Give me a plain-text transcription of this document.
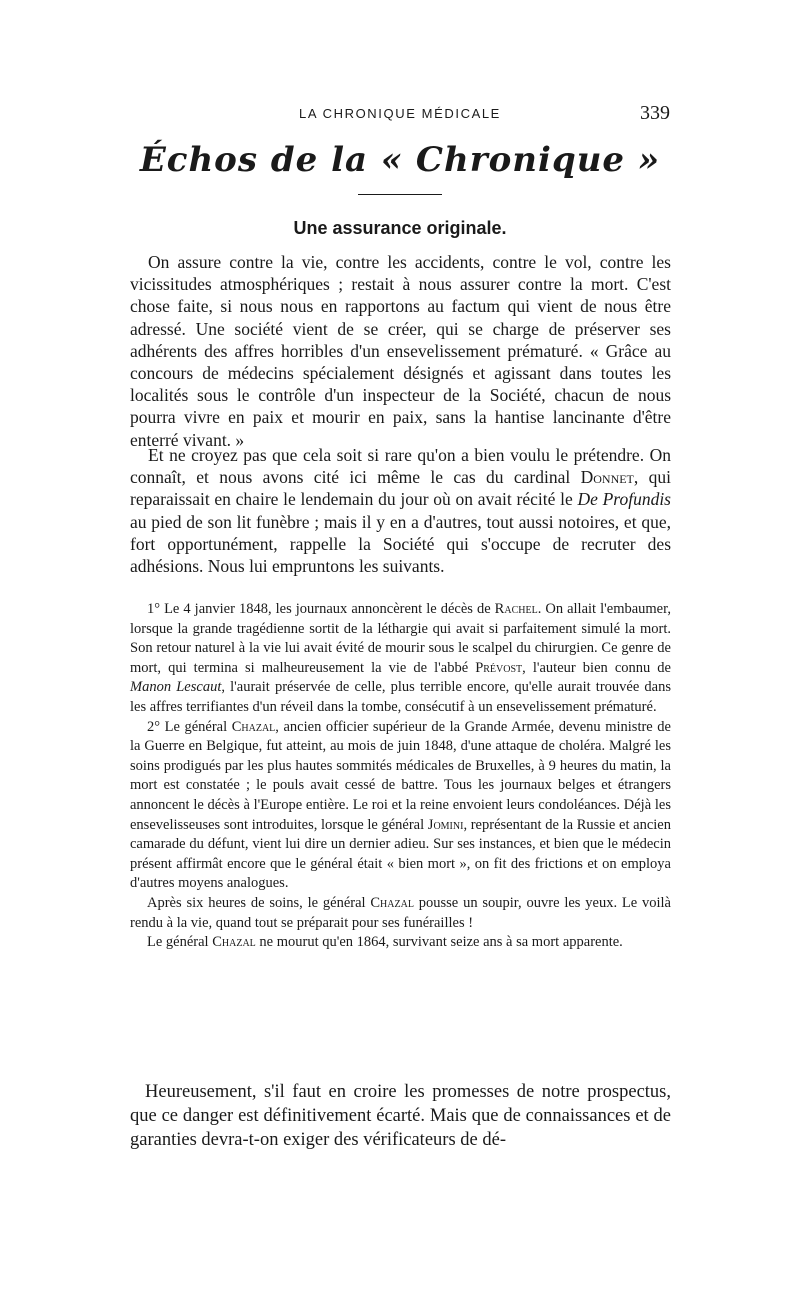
LA CHRONIQUE MÉDICALE	339
Échos de la « Chronique »
Une assurance originale.

On assure contre la vie, contre les accidents, contre le vol, contre les vicissitudes atmosphériques ; restait à nous assurer contre la mort. C'est chose faite, si nous nous en rapportons au factum qui vient de nous être adressé. Une société vient de se créer, qui se charge de préserver ses adhérents des affres horribles d'un ensevelissement prématuré. « Grâce au concours de médecins spécialement désignés et agissant dans toutes les localités sous le contrôle d'un inspecteur de la Société, chacun de nous pourra vivre en paix et mourir en paix, sans la hantise lancinante d'être enterré vivant. »

Et ne croyez pas que cela soit si rare qu'on a bien voulu le prétendre. On connaît, et nous avons cité ici même le cas du cardinal Donnet, qui reparaissait en chaire le lendemain du jour où on avait récité le De Profundis au pied de son lit funèbre ; mais il y en a d'autres, tout aussi notoires, et que, fort opportunément, rappelle la Société qui s'occupe de recruter des adhésions. Nous lui empruntons les suivants.

1° Le 4 janvier 1848, les journaux annoncèrent le décès de Rachel. On allait l'embaumer, lorsque la grande tragédienne sortit de la léthargie qui avait si parfaitement simulé la mort. Son retour naturel à la vie lui avait évité de mourir sous le scalpel du chirurgien. Ce genre de mort, qui termina si malheureusement la vie de l'abbé Prévost, l'auteur bien connu de Manon Lescaut, l'aurait préservée de celle, plus terrible encore, qu'elle aurait trouvée dans les affres terrifiantes d'un réveil dans la tombe, consécutif à un ensevelissement prématuré.

2° Le général Chazal, ancien officier supérieur de la Grande Armée, devenu ministre de la Guerre en Belgique, fut atteint, au mois de juin 1848, d'une attaque de choléra. Malgré les soins prodigués par les plus hautes sommités médicales de Bruxelles, à 9 heures du matin, la mort est constatée ; le pouls avait cessé de battre. Tous les journaux belges et étrangers annoncent le décès à l'Europe entière. Le roi et la reine envoient leurs condoléances. Déjà les ensevelisseuses sont introduites, lorsque le général Jomini, représentant de la Russie et ancien camarade du défunt, vient lui dire un dernier adieu. Sur ses instances, et bien que le médecin présent affirmât encore que le général était « bien mort », on fit des frictions et on employa d'autres moyens analogues.

Après six heures de soins, le général Chazal pousse un soupir, ouvre les yeux. Le voilà rendu à la vie, quand tout se préparait pour ses funérailles !

Le général Chazal ne mourut qu'en 1864, survivant seize ans à sa mort apparente.

Heureusement, s'il faut en croire les promesses de notre prospectus, que ce danger est définitivement écarté. Mais que de connaissances et de garanties devra-t-on exiger des vérificateurs de dé-
